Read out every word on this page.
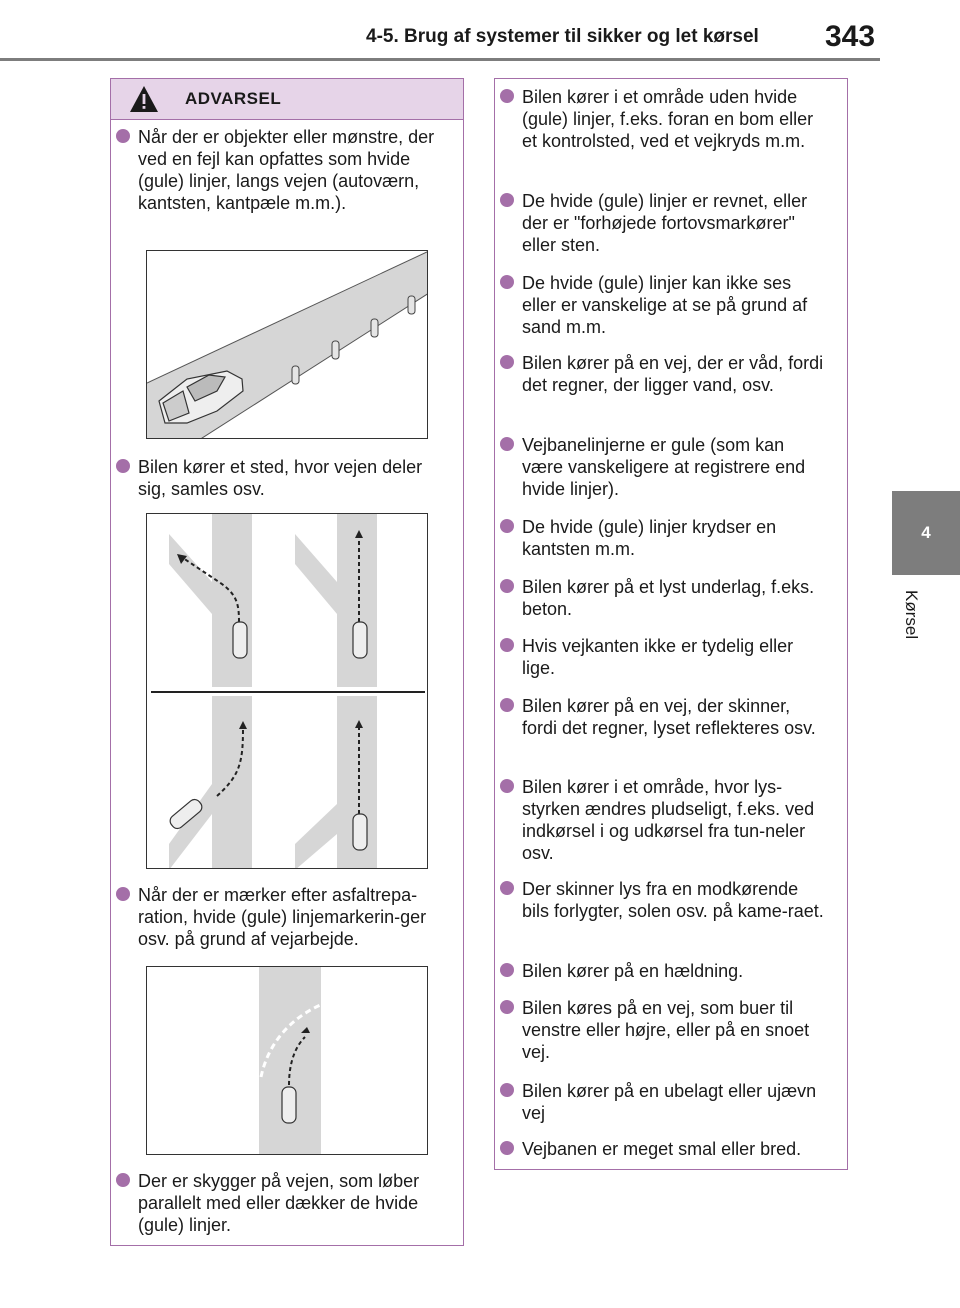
4-5. Brug af systemer til sikker og let kørsel 343
4
Kørsel
ADVARSEL
Når der er objekter eller mønstre, der ved en fejl kan opfattes som hvide (gule) linjer, langs vejen (autoværn, kantsten, kantpæle m.m.).
Bilen kører et sted, hvor vejen deler sig, samles osv.
Når der er mærker efter asfaltrepa-ration, hvide (gule) linjemarkerin-ger osv. på grund af vejarbejde.
Der er skygger på vejen, som løber parallelt med eller dækker de hvide (gule) linjer.
Bilen kører i et område uden hvide (gule) linjer, f.eks. foran en bom eller et kontrolsted, ved et vejkryds m.m.
De hvide (gule) linjer er revnet, eller der er "forhøjede fortovsmarkører" eller sten.
De hvide (gule) linjer kan ikke ses eller er vanskelige at se på grund af sand m.m.
Bilen kører på en vej, der er våd, fordi det regner, der ligger vand, osv.
Vejbanelinjerne er gule (som kan være vanskeligere at registrere end hvide linjer).
De hvide (gule) linjer krydser en kantsten m.m.
Bilen kører på et lyst underlag, f.eks. beton.
Hvis vejkanten ikke er tydelig eller lige.
Bilen kører på en vej, der skinner, fordi det regner, lyset reflekteres osv.
Bilen kører i et område, hvor lys-styrken ændres pludseligt, f.eks. ved indkørsel i og udkørsel fra tun-neler osv.
Der skinner lys fra en modkørende bils forlygter, solen osv. på kame-raet.
Bilen kører på en hældning.
Bilen køres på en vej, som buer til venstre eller højre, eller på en snoet vej.
Bilen kører på en ubelagt eller ujævn vej
Vejbanen er meget smal eller bred.
